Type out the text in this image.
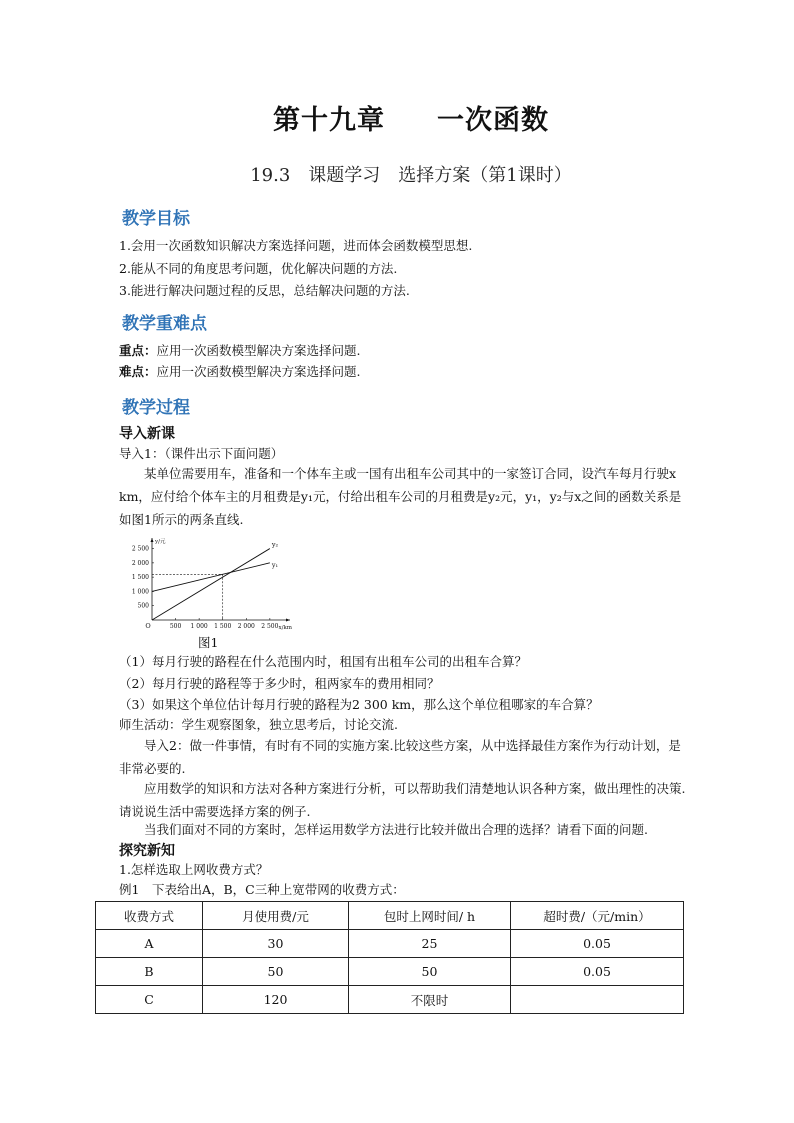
第十九章 一次函数
19.3　课题学习　选择方案（第1课时）
教学目标
1.会用一次函数知识解决方案选择问题，进而体会函数模型思想.
2.能从不同的角度思考问题，优化解决问题的方法.
3.能进行解决问题过程的反思，总结解决问题的方法.
教学重难点
重点：应用一次函数模型解决方案选择问题.
难点：应用一次函数模型解决方案选择问题.
教学过程
导入新课
导入1：（课件出示下面问题）
某单位需要用车，准备和一个体车主或一国有出租车公司其中的一家签订合同，设汽车每月行驶x km，应付给个体车主的月租费是y₁元，付给出租车公司的月租费是y₂元，y₁，y₂与x之间的函数关系是如图1所示的两条直线.
500 1 000 1 500 2 000 2 500
500
1 000
1 500
2 000
2 500
O	x/km
y/元	y₂
y₁
图1
（1）每月行驶的路程在什么范围内时，租国有出租车公司的出租车合算？
（2）每月行驶的路程等于多少时，租两家车的费用相同？
（3）如果这个单位估计每月行驶的路程为2 300 km，那么这个单位租哪家的车合算？
师生活动：学生观察图象，独立思考后，讨论交流.
导入2：做一件事情，有时有不同的实施方案.比较这些方案，从中选择最佳方案作为行动计划，是非常必要的.
应用数学的知识和方法对各种方案进行分析，可以帮助我们清楚地认识各种方案，做出理性的决策.请说说生活中需要选择方案的例子.
当我们面对不同的方案时，怎样运用数学方法进行比较并做出合理的选择？请看下面的问题.
探究新知
1.怎样选取上网收费方式？
例1　下表给出A，B，C三种上宽带网的收费方式：
收费方式	月使用费/元	包时上网时间/ h	超时费/（元/min）
A	30	25	0.05
B	50	50	0.05
C	120	不限时	
